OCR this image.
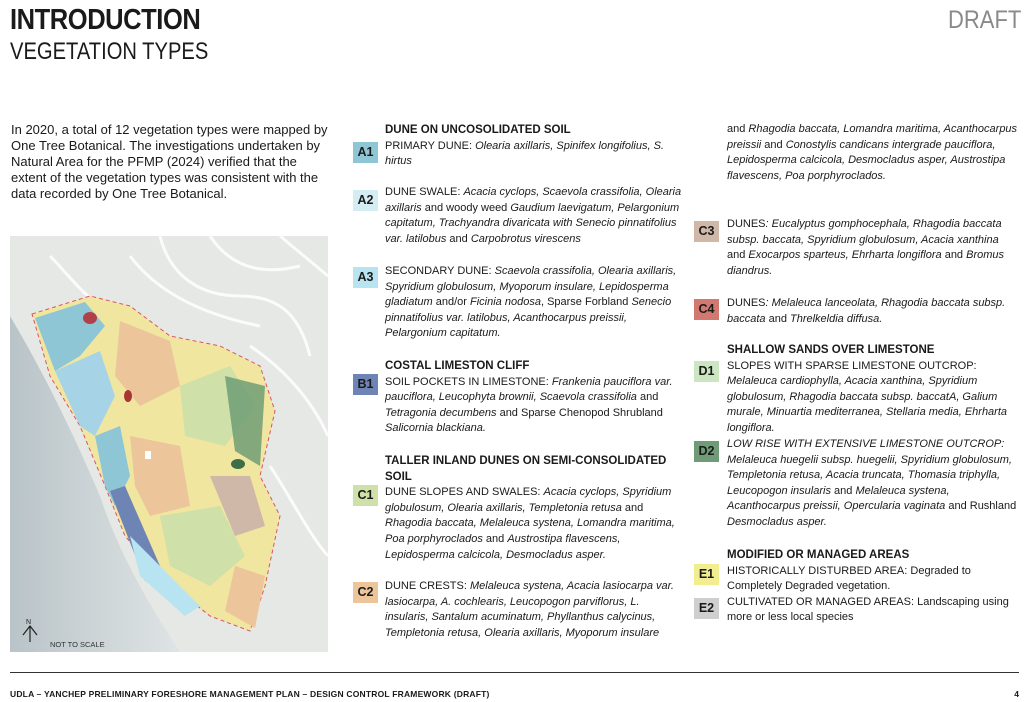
INTRODUCTION
VEGETATION TYPES
DRAFT
In 2020, a total of 12 vegetation types were mapped by One Tree Botanical. The investigations undertaken by Natural Area for the PFMP (2024) verified that the extent of the vegetation types was consistent with the data recorded by One Tree Botanical.
N
NOT TO SCALE
DUNE ON UNCOSOLIDATED SOIL
PRIMARY DUNE: Olearia axillaris, Spinifex longifolius, S. hirtus
A1
DUNE SWALE: Acacia cyclops, Scaevola crassifolia, Olearia axillaris and woody weed Gaudium laevigatum, Pelargonium capitatum, Trachyandra divaricata with Senecio pinnatifolius var. latilobus and Carpobrotus virescens
A2
SECONDARY DUNE: Scaevola crassifolia, Olearia axillaris, Spyridium globulosum, Myoporum insulare, Lepidosperma gladiatum and/or Ficinia nodosa, Sparse Forbland Senecio pinnatifolius var. latilobus, Acanthocarpus preissii, Pelargonium capitatum.
A3
COSTAL LIMESTON CLIFF
SOIL POCKETS IN LIMESTONE: Frankenia pauciflora var. pauciflora, Leucophyta brownii, Scaevola crassifolia and Tetragonia decumbens and Sparse Chenopod Shrubland Salicornia blackiana.
B1
TALLER INLAND DUNES ON SEMI-CONSOLIDATED SOIL
DUNE SLOPES AND SWALES: Acacia cyclops, Spyridium globulosum, Olearia axillaris, Templetonia retusa and Rhagodia baccata, Melaleuca systena, Lomandra maritima, Poa porphyroclados and Austrostipa flavescens, Lepidosperma calcicola, Desmocladus asper.
C1
DUNE CRESTS: Melaleuca systena, Acacia lasiocarpa var. lasiocarpa, A. cochlearis, Leucopogon parviflorus, L. insularis, Santalum acuminatum, Phyllanthus calycinus, Templetonia retusa, Olearia axillaris, Myoporum insulare
C2
and Rhagodia baccata, Lomandra maritima, Acanthocarpus preissii and Conostylis candicans intergrade pauciflora, Lepidosperma calcicola, Desmocladus asper, Austrostipa flavescens, Poa porphyroclados.
DUNES: Eucalyptus gomphocephala, Rhagodia baccata subsp. baccata, Spyridium globulosum, Acacia xanthina and Exocarpos sparteus, Ehrharta longiflora and Bromus diandrus.
C3
DUNES: Melaleuca lanceolata, Rhagodia baccata subsp. baccata and Threlkeldia diffusa.
C4
SHALLOW SANDS OVER LIMESTONE
SLOPES WITH SPARSE LIMESTONE OUTCROP: Melaleuca cardiophylla, Acacia xanthina, Spyridium globulosum, Rhagodia baccata subsp. baccatA, Galium murale, Minuartia mediterranea, Stellaria media, Ehrharta longiflora.
D1
LOW RISE WITH EXTENSIVE LIMESTONE OUTCROP: Melaleuca huegelii subsp. huegelii, Spyridium globulosum, Templetonia retusa, Acacia truncata, Thomasia triphylla, Leucopogon insularis and Melaleuca systena, Acanthocarpus preissii, Opercularia vaginata and Rushland Desmocladus asper.
D2
MODIFIED OR MANAGED AREAS
HISTORICALLY DISTURBED AREA: Degraded to Completely Degraded vegetation.
CULTIVATED OR MANAGED AREAS: Landscaping using more or less local species
E1
E2
UDLA – YANCHEP PRELIMINARY FORESHORE MANAGEMENT PLAN – DESIGN CONTROL FRAMEWORK (DRAFT)	4
